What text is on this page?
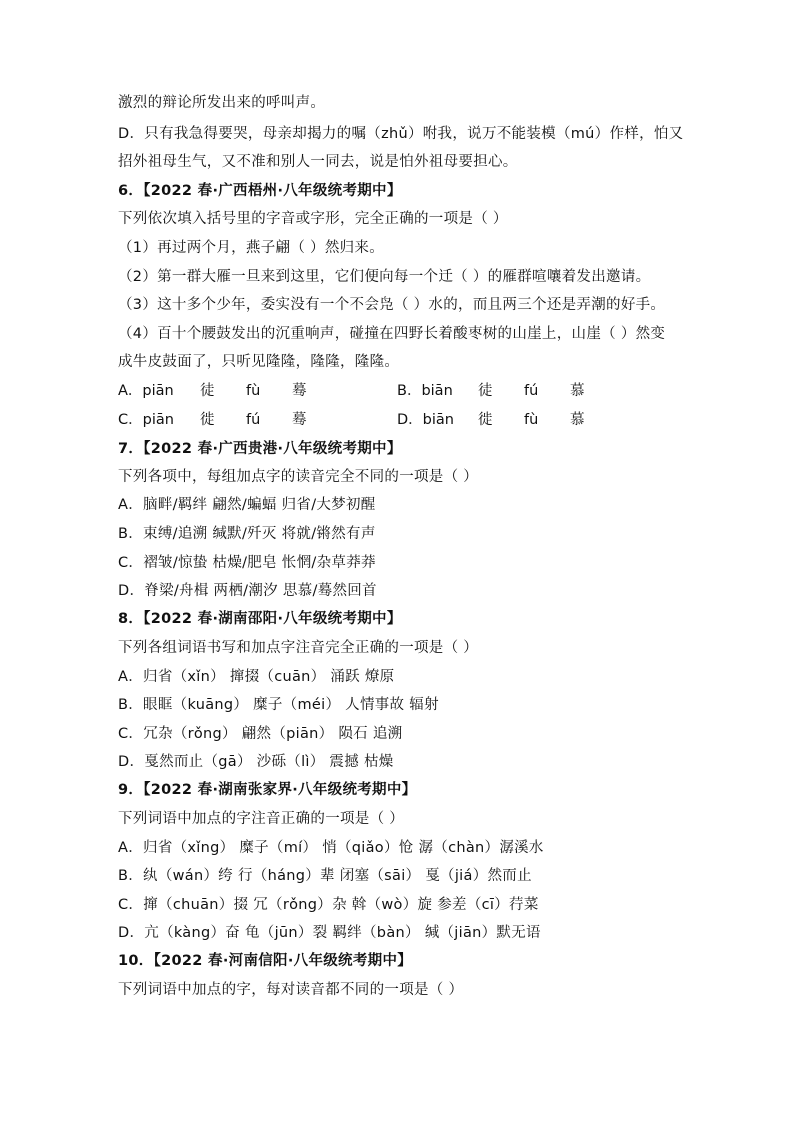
激烈的辩论所发出来的呼叫声。
D．只有我急得要哭，母亲却揭力的嘱（zhǔ）咐我，说万不能装模（mú）作样，怕又
招外祖母生气，又不准和别人一同去，说是怕外祖母要担心。
6．【2022 春·广西梧州·八年级统考期中】
下列依次填入括号里的字音或字形，完全正确的一项是（ ）
（1）再过两个月，燕子翩（ ）然归来。
（2）第一群大雁一旦来到这里，它们便向每一个迁（ ）的雁群喧嚷着发出邀请。
（3）这十多个少年，委实没有一个不会凫（ ）水的，而且两三个还是弄潮的好手。
（4）百十个腰鼓发出的沉重响声，碰撞在四野长着酸枣树的山崖上，山崖（ ）然变
成牛皮鼓面了，只听见隆隆，隆隆，隆隆。
A．piān 徒 fù 蓦	B．biān 徒 fú 慕
C．piān 徙 fú 蓦	D．biān 徙 fù 慕
7．【2022 春·广西贵港·八年级统考期中】
下列各项中，每组加点字的读音完全不同的一项是（ ）
A．脑畔/羁绊 翩然/蝙蝠 归省/大梦初醒
B．束缚/追溯 缄默/歼灭 将就/锵然有声
C．褶皱/惊蛰 枯燥/肥皂 怅惘/杂草莽莽
D．脊梁/舟楫 两栖/潮汐 思慕/蓦然回首
8．【2022 春·湖南邵阳·八年级统考期中】
下列各组词语书写和加点字注音完全正确的一项是（ ）
A．归省（xǐn） 撺掇（cuān） 涌跃 燎原
B．眼眶（kuāng） 糜子（méi） 人情事故 辐射
C．冗杂（rǒng） 翩然（piān） 陨石 追溯
D．戛然而止（gā） 沙砾（lì） 震撼 枯燥
9．【2022 春·湖南张家界·八年级统考期中】
下列词语中加点的字注音正确的一项是（ ）
A．归省（xǐng） 糜子（mí） 悄（qiǎo）怆 潺（chàn）潺溪水
B．纨（wán）绔 行（háng）辈 闭塞（sāi） 戛（jiá）然而止
C．撺（chuān）掇 冗（rǒng）杂 斡（wò）旋 参差（cī）荇菜
D．亢（kàng）奋 龟（jūn）裂 羁绊（bàn） 缄（jiān）默无语
10．【2022 春·河南信阳·八年级统考期中】
下列词语中加点的字，每对读音都不同的一项是（ ）
